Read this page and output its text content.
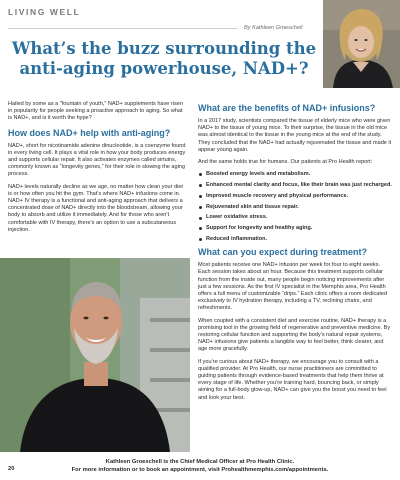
LIVING WELL
By Kathleen Groeschell
What’s the buzz surrounding the
anti-aging powerhouse, NAD+?

Hailed by some as a "fountain of youth," NAD+ supplements have risen in popularity for people seeking a proactive approach to aging. So what is NAD+, and is it worth the hype?

How does NAD+ help with anti-aging?

NAD+, short for nicotinamide adenine dinucleotide, is a coenzyme found in every living cell. It plays a vital role in how your body produces energy and supports cellular repair. It also activates enzymes called sirtuins, commonly known as “longevity genes,” for their role in slowing the aging process.

NAD+ levels naturally decline as we age, no matter how clean your diet is or how often you hit the gym. That’s where NAD+ infusions come in. NAD+ IV therapy is a functional and anti-aging approach that delivers a concentrated dose of NAD+ directly into the bloodstream, allowing your body to absorb and utilize it immediately. And for those who aren’t comfortable with IV therapy, there’s an option to use a subcutaneous injection.

What are the benefits of NAD+ infusions?

In a 2017 study, scientists compared the tissue of elderly mice who were given NAD+ to the tissue of young mice. To their surprise, the tissue in the old mice was almost identical to the tissue in the young mice at the end of the study. They concluded that the NAD+ had actually rejuvenated the tissue and made it appear young again.

And the same holds true for humans. Our patients at Pro Health report:

Boosted energy levels and metabolism.
Enhanced mental clarity and focus, like their brain was just recharged.
Improved muscle recovery and physical performance.
Rejuvenated skin and tissue repair.
Lower oxidative stress.
Support for longevity and healthy aging.
Reduced inflammation.
What can you expect during treatment?

Most patients receive one NAD+ infusion per week for four to eight weeks. Each session takes about an hour. Because this treatment supports cellular function from the inside out, many people begin noticing improvements after just a few sessions. As the first IV specialist in the Memphis area, Pro Health offers a full menu of customizable “drips.” Each clinic offers a room dedicated exclusively to IV hydration therapy, including a TV, reclining chairs, and refreshments.

When coupled with a consistent diet and exercise routine, NAD+ therapy is a promising tool in the growing field of regenerative and preventive medicine. By restoring cellular function and supporting the body’s natural repair systems, NAD+ infusions give patients a tangible way to feel better, think clearer, and age more gracefully.

If you’re curious about NAD+ therapy, we encourage you to consult with a qualified provider. At Pro Health, our nurse practitioners are committed to guiding patients through evidence-based treatments that help them thrive at every stage of life. Whether you’re training hard, bouncing back, or simply aiming for a full-body glow-up, NAD+ can give you the boost you need to feel and look your best.

Kathleen Groeschell is the Chief Medical Officer at Pro Health Clinic.
For more information or to book an appointment, visit Prohealthmemphis.com/appointments.
20
